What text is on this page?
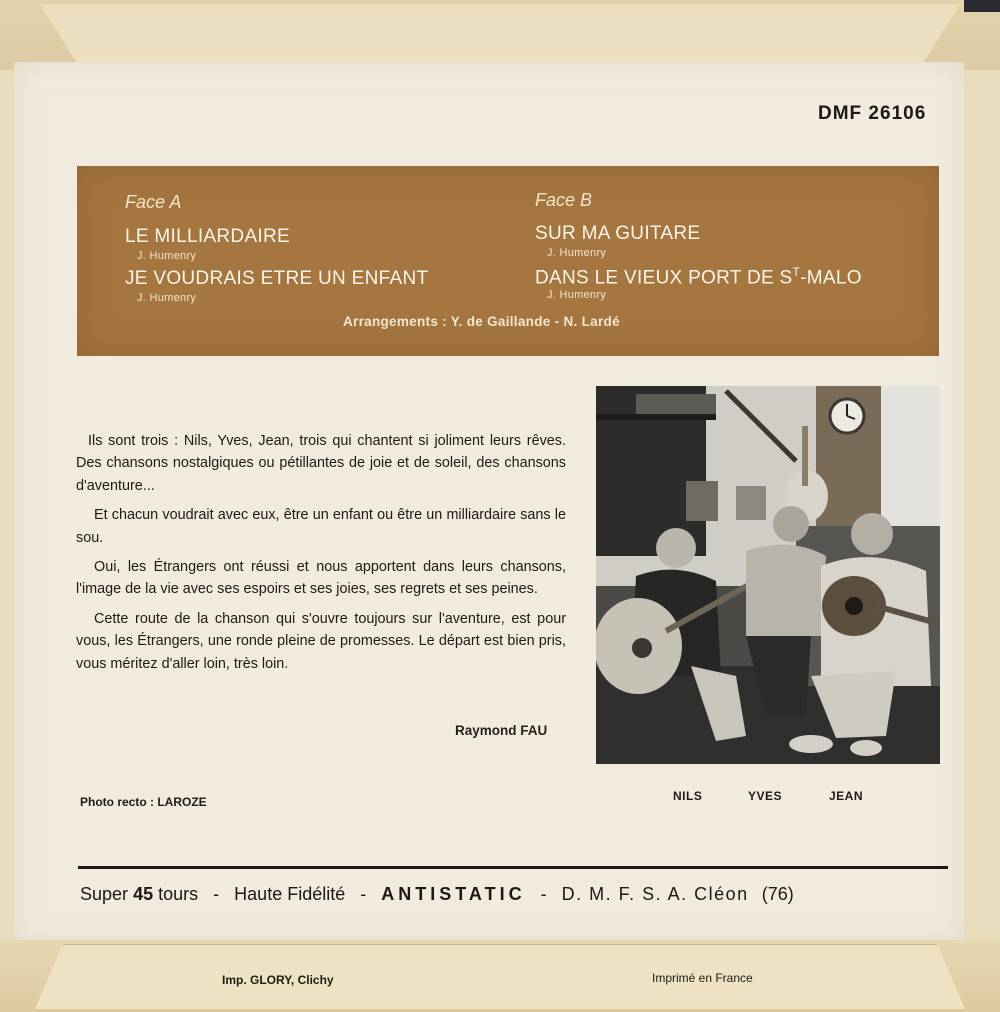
DMF 26106
Face A
LE MILLIARDAIRE
J. Humenry
JE VOUDRAIS ETRE UN ENFANT
J. Humenry
Face B
SUR MA GUITARE
J. Humenry
DANS LE VIEUX PORT DE $S^T$-MALO
J. Humenry
Arrangements : Y. de Gaillande - N. Lardé

Ils sont trois : Nils, Yves, Jean, trois qui chantent si joliment leurs rêves. Des chansons nostalgiques ou pétillantes de joie et de soleil, des chansons d'aventure...

Et chacun voudrait avec eux, être un enfant ou être un milliardaire sans le sou.

Oui, les Étrangers ont réussi et nous apportent dans leurs chansons, l'image de la vie avec ses espoirs et ses joies, ses regrets et ses peines.

Cette route de la chanson qui s'ouvre toujours sur l'aventure, est pour vous, les Étrangers, une ronde pleine de promesses. Le départ est bien pris, vous méritez d'aller loin, très loin.

Raymond FAU
NILS	YVES	JEAN
Photo recto : LAROZE
Super 45 tours - Haute Fidélité - ANTISTATIC - D. M. F. S. A. Cléon (76)
Imp. GLORY, Clichy	Imprimé en France
